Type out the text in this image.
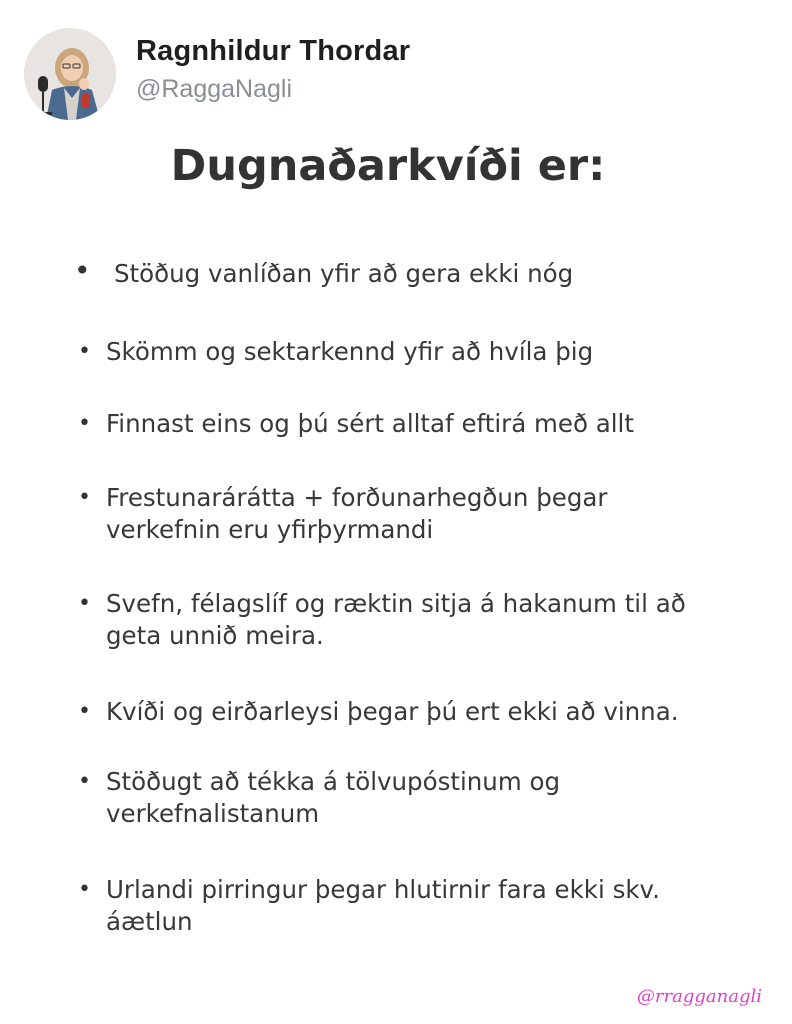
Ragnhildur Thordar
@RaggaNagli
Dugnaðarkvíði er:
• Stöðug vanlíðan yfir að gera ekki nóg
• Skömm og sektarkennd yfir að hvíla þig
• Finnast eins og þú sért alltaf eftirá með allt
• Frestunarárátta + forðunarhegðun þegar
verkefnin eru yfirþyrmandi
• Svefn, félagslíf og ræktin sitja á hakanum til að
geta unnið meira.
• Kvíði og eirðarleysi þegar þú ert ekki að vinna.
• Stöðugt að tékka á tölvupóstinum og
verkefnalistanum
• Urlandi pirringur þegar hlutirnir fara ekki skv.
áætlun
@rragganagli
